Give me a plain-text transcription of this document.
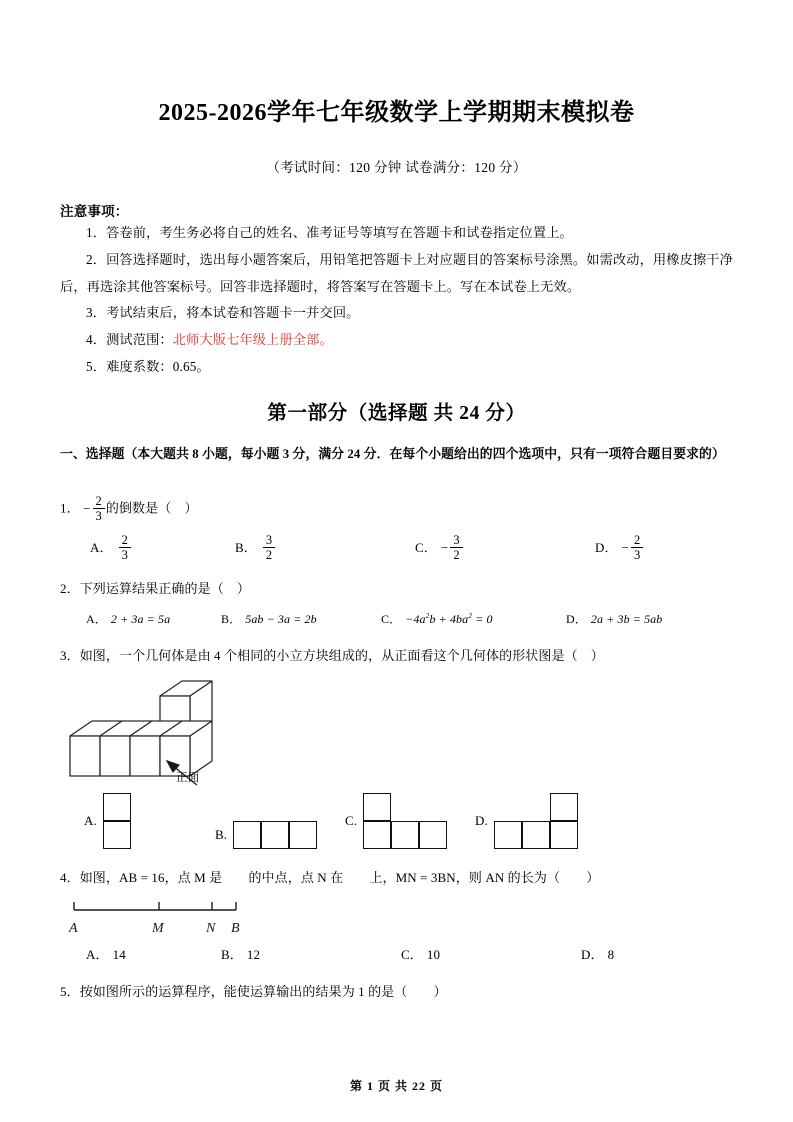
2025-2026学年七年级数学上学期期末模拟卷

（考试时间：120 分钟 试卷满分：120 分）

注意事项：

1．答卷前，考生务必将自己的姓名、准考证号等填写在答题卡和试卷指定位置上。
2．回答选择题时，选出每小题答案后，用铅笔把答题卡上对应题目的答案标号涂黑。如需改动，用橡皮擦干净后，再选涂其他答案标号。回答非选择题时，将答案写在答题卡上。写在本试卷上无效。
3．考试结束后，将本试卷和答题卡一并交回。
4．测试范围：北师大版七年级上册全部。
5．难度系数：0.65。
第一部分（选择题 共 24 分）

一、选择题（本大题共 8 小题，每小题 3 分，满分 24 分．在每个小题给出的四个选项中，只有一项符合题目要求的）

1． − $\frac{2}{3}$ 的倒数是（　）
A． $\frac{2}{3}$	B． $\frac{3}{2}$	C． − $\frac{3}{2}$	D． − $\frac{2}{3}$
2．下列运算结果正确的是（　）
A． 2 + 3a = 5a	B． 5ab − 3a = 2b	C． $-4a^2b + 4ba^2 = 0$	D． 2a + 3b = 5ab
3．如图，一个几何体是由 4 个相同的小立方块组成的，从正面看这个几何体的形状图是（　）
正面
A.
B.
C.	D.
4．如图，AB = 16，点 M 是　　的中点，点 N 在　　上，MN = 3BN，则 AN 的长为（　　）
A	M	N B
A． 14	B． 12	C． 10	D． 8
5．按如图所示的运算程序，能使运算输出的结果为 1 的是（　　）
第 1 页 共 22 页
